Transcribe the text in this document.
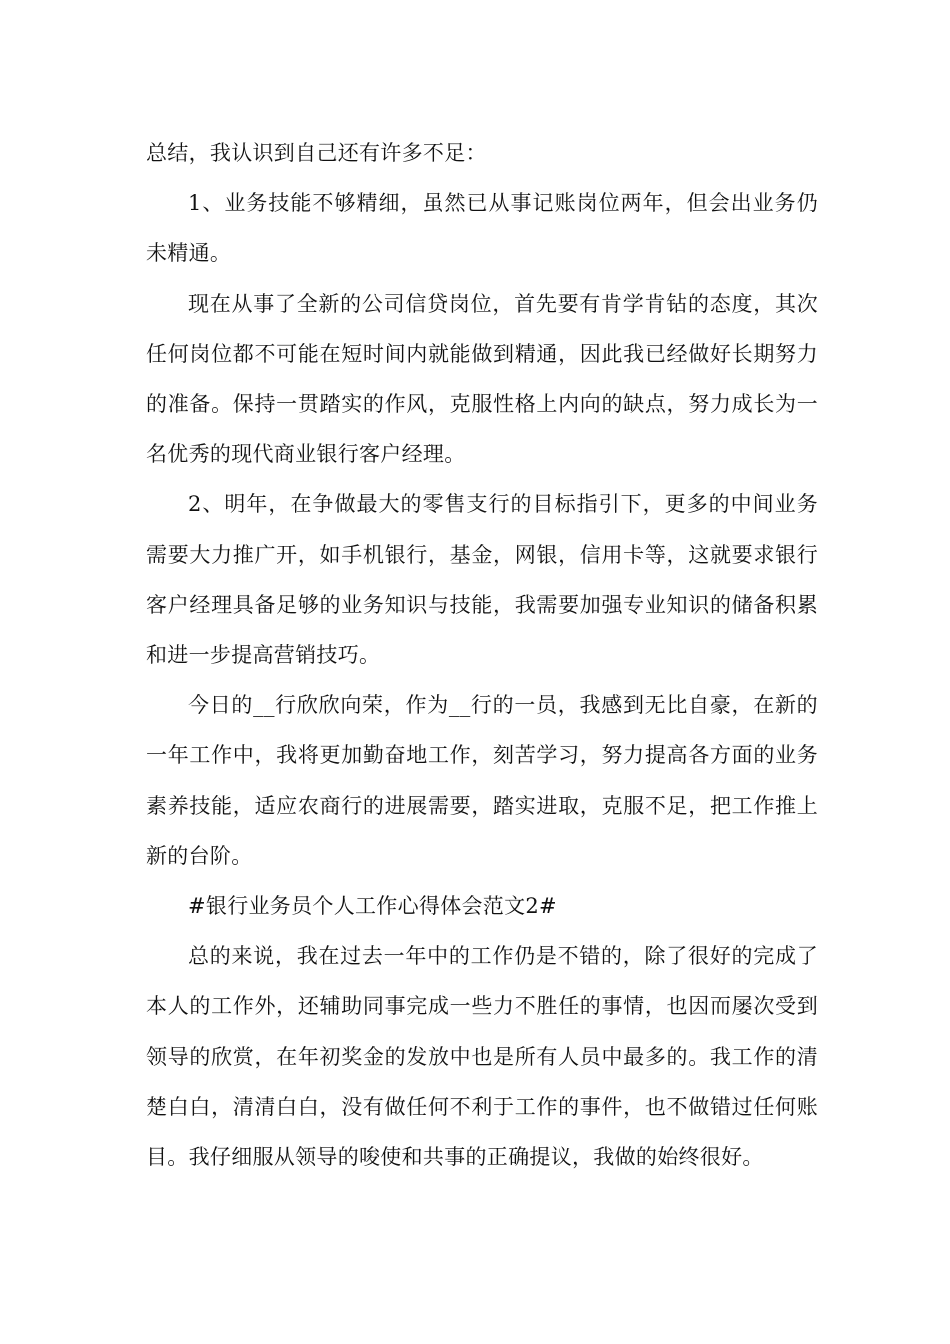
总结，我认识到自己还有许多不足：

1、业务技能不够精细，虽然已从事记账岗位两年，但会出业务仍未精通。

现在从事了全新的公司信贷岗位，首先要有肯学肯钻的态度，其次任何岗位都不可能在短时间内就能做到精通，因此我已经做好长期努力的准备。保持一贯踏实的作风，克服性格上内向的缺点，努力成长为一名优秀的现代商业银行客户经理。

2、明年，在争做最大的零售支行的目标指引下，更多的中间业务需要大力推广开，如手机银行，基金，网银，信用卡等，这就要求银行客户经理具备足够的业务知识与技能，我需要加强专业知识的储备积累和进一步提高营销技巧。

今日的__行欣欣向荣，作为__行的一员，我感到无比自豪，在新的一年工作中，我将更加勤奋地工作，刻苦学习，努力提高各方面的业务素养技能，适应农商行的进展需要，踏实进取，克服不足，把工作推上新的台阶。

#银行业务员个人工作心得体会范文2#

总的来说，我在过去一年中的工作仍是不错的，除了很好的完成了本人的工作外，还辅助同事完成一些力不胜任的事情，也因而屡次受到领导的欣赏，在年初奖金的发放中也是所有人员中最多的。我工作的清楚白白，清清白白，没有做任何不利于工作的事件，也不做错过任何账目。我仔细服从领导的唆使和共事的正确提议，我做的始终很好。
